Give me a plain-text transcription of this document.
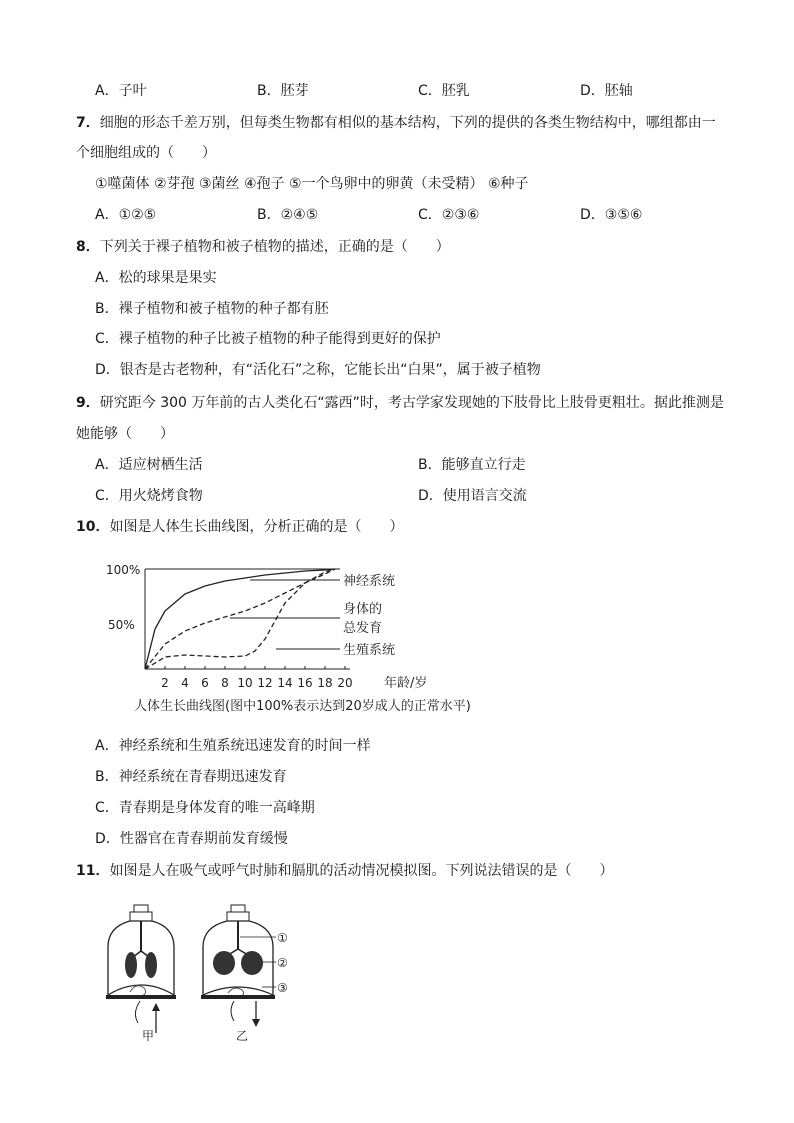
A．子叶	B．胚芽	C．胚乳	D．胚轴
7．细胞的形态千差万别，但每类生物都有相似的基本结构，下列的提供的各类生物结构中，哪组都由一
个细胞组成的（　　）
①噬菌体 ②芽孢 ③菌丝 ④孢子 ⑤一个鸟卵中的卵黄（未受精） ⑥种子
A．①②⑤	B．②④⑤	C．②③⑥	D．③⑤⑥
8．下列关于裸子植物和被子植物的描述，正确的是（　　）
A．松的球果是果实
B．裸子植物和被子植物的种子都有胚
C．裸子植物的种子比被子植物的种子能得到更好的保护
D．银杏是古老物种，有“活化石”之称，它能长出“白果”，属于被子植物
9．研究距今 300 万年前的古人类化石“露西”时，考古学家发现她的下肢骨比上肢骨更粗壮。据此推测是
她能够（　　）
A．适应树栖生活	B．能够直立行走
C．用火烧烤食物	D．使用语言交流
10．如图是人体生长曲线图，分析正确的是（　　）
100%
50%
2 4 6 8 10 12 14 16 18 20 年龄/岁
神经系统
身体的
总发育
生殖系统
人体生长曲线图(图中100%表示达到20岁成人的正常水平)
A．神经系统和生殖系统迅速发育的时间一样
B．神经系统在青春期迅速发育
C．青春期是身体发育的唯一高峰期
D．性器官在青春期前发育缓慢
11．如图是人在吸气或呼气时肺和膈肌的活动情况模拟图。下列说法错误的是（　　）
甲	乙
①
②
③
